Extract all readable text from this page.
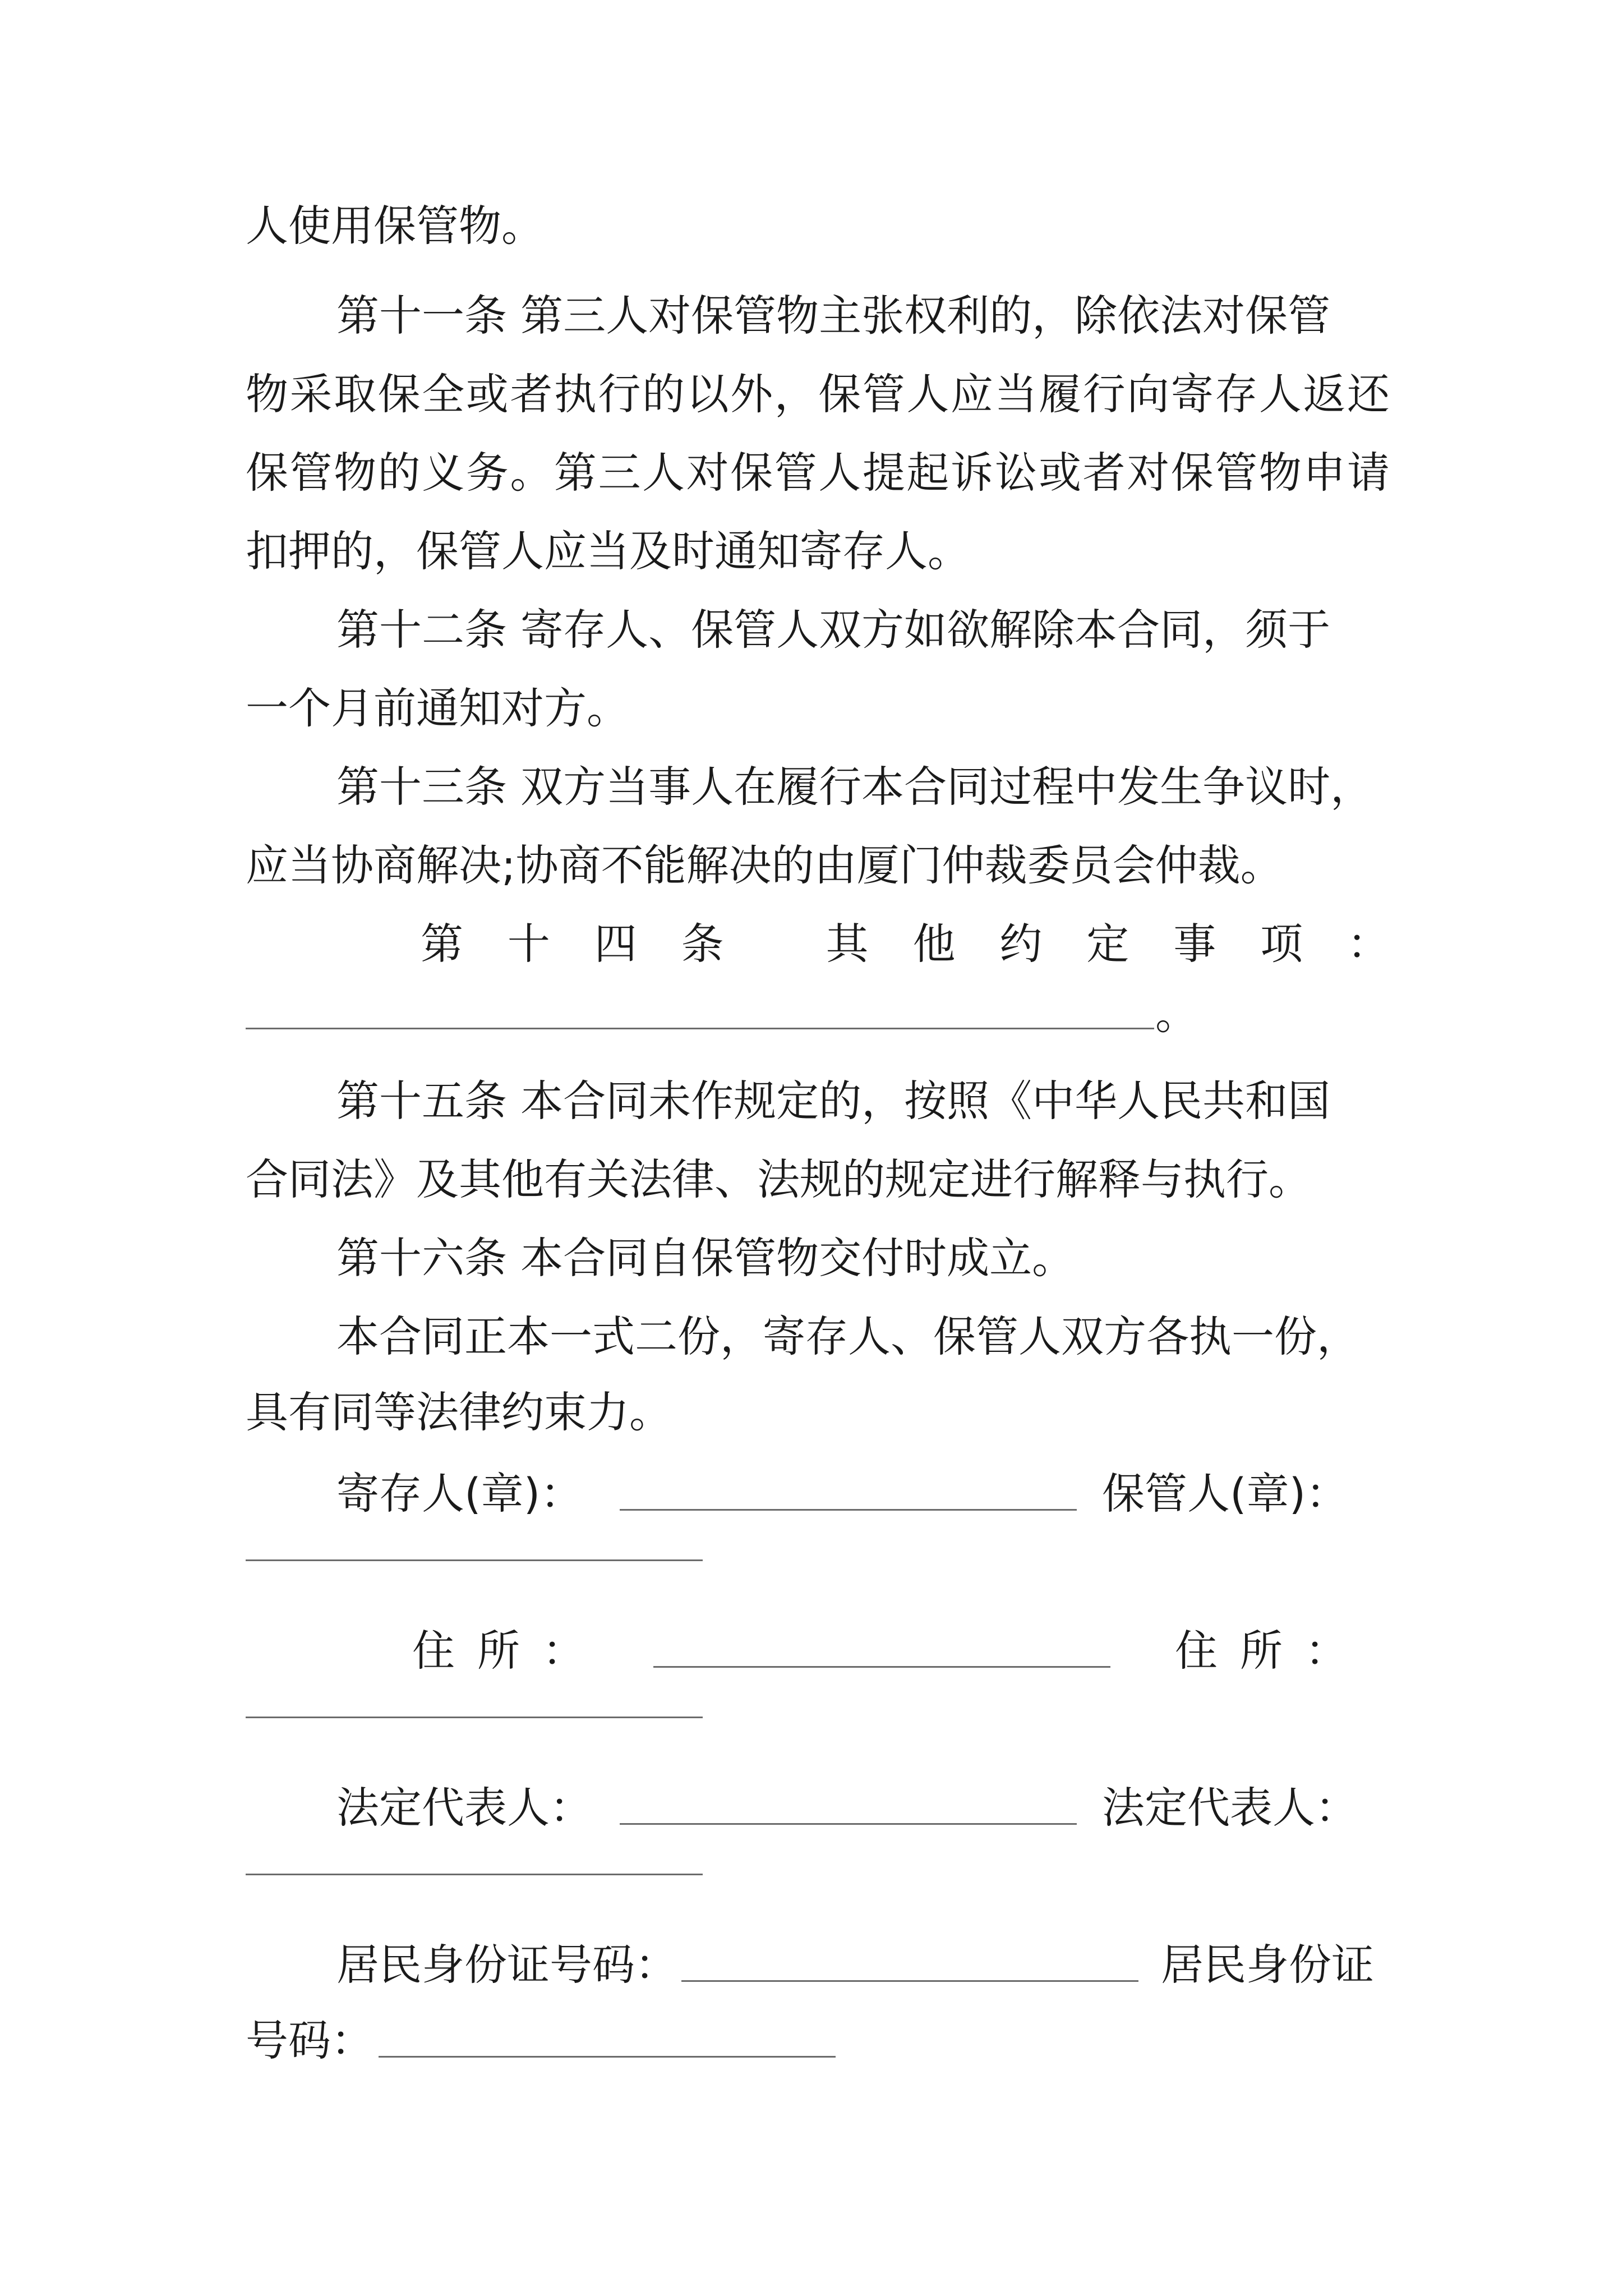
人使用保管物。
第十一条 第三人对保管物主张权利的，除依法对保管
物采取保全或者执行的以外，保管人应当履行向寄存人返还
保管物的义务。第三人对保管人提起诉讼或者对保管物申请
扣押的，保管人应当及时通知寄存人。
第十二条 寄存人、保管人双方如欲解除本合同，须于
一个月前通知对方。
第十三条 双方当事人在履行本合同过程中发生争议时，
应当协商解决;协商不能解决的由厦门仲裁委员会仲裁。
第十四条 其他约定事项：
。
第十五条 本合同未作规定的，按照《中华人民共和国
合同法》及其他有关法律、法规的规定进行解释与执行。
第十六条 本合同自保管物交付时成立。
本合同正本一式二份，寄存人、保管人双方各执一份，
具有同等法律约束力。
寄存人(章)：	保管人(章)：
住所：	住所：
法定代表人：	法定代表人：
居民身份证号码：	居民身份证
号码：
